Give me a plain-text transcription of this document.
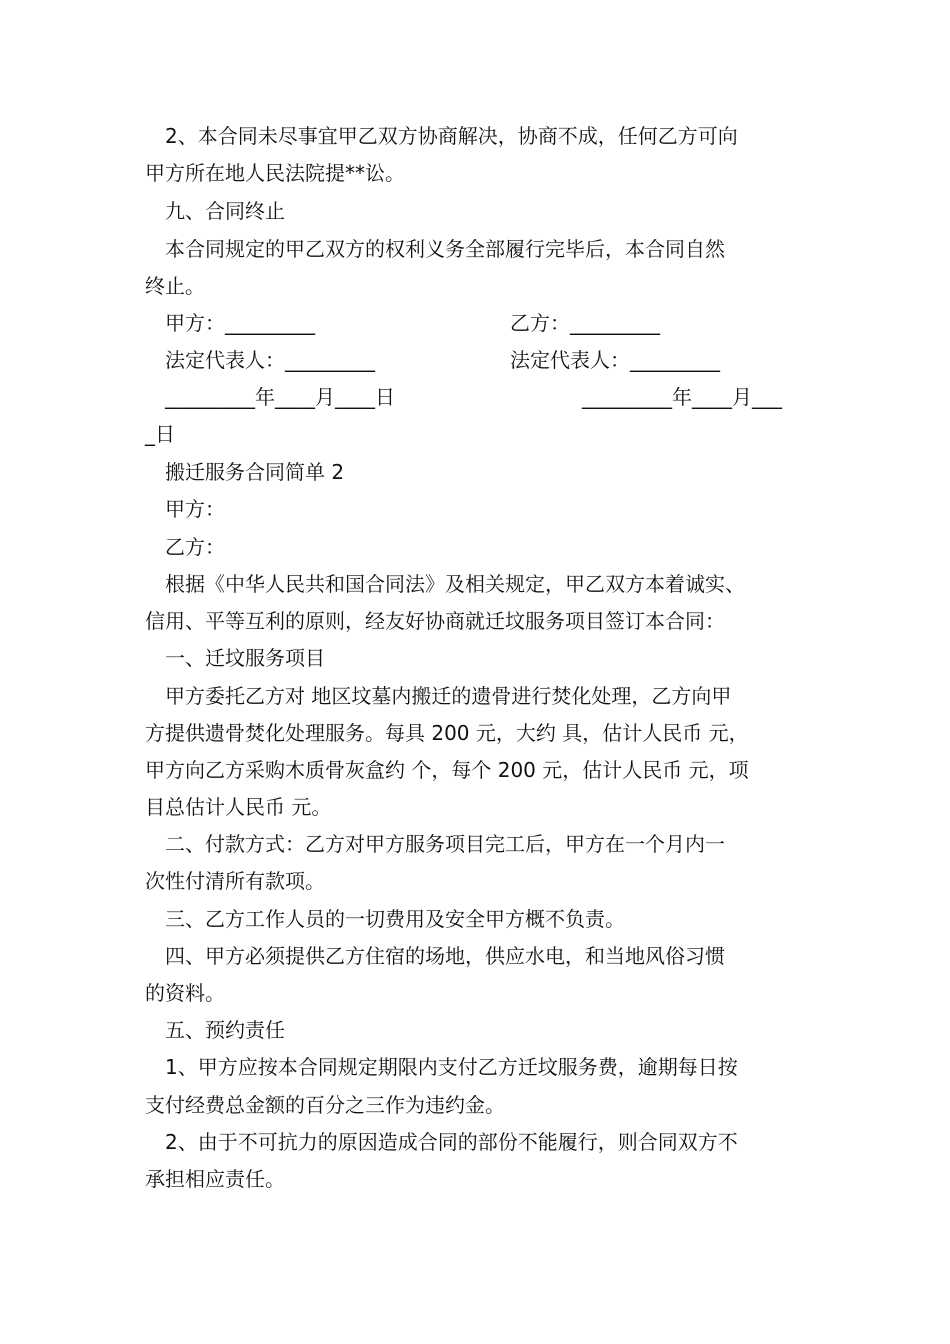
2、本合同未尽事宜甲乙双方协商解决，协商不成，任何乙方可向
甲方所在地人民法院提**讼。
九、合同终止
本合同规定的甲乙双方的权利义务全部履行完毕后，本合同自然
终止。
甲方：_________	乙方：_________
法定代表人：_________	法定代表人：_________
_________年____月____日	_________年____月___
_日
搬迁服务合同简单 2
甲方：
乙方：
根据《中华人民共和国合同法》及相关规定，甲乙双方本着诚实、
信用、平等互利的原则，经友好协商就迁坟服务项目签订本合同：
一、迁坟服务项目
甲方委托乙方对 地区坟墓内搬迁的遗骨进行焚化处理，乙方向甲
方提供遗骨焚化处理服务。每具 200 元，大约 具，估计人民币 元，
甲方向乙方采购木质骨灰盒约 个，每个 200 元，估计人民币 元，项
目总估计人民币 元。
二、付款方式：乙方对甲方服务项目完工后，甲方在一个月内一
次性付清所有款项。
三、乙方工作人员的一切费用及安全甲方概不负责。
四、甲方必须提供乙方住宿的场地，供应水电，和当地风俗习惯
的资料。
五、预约责任
1、甲方应按本合同规定期限内支付乙方迁坟服务费，逾期每日按
支付经费总金额的百分之三作为违约金。
2、由于不可抗力的原因造成合同的部份不能履行，则合同双方不
承担相应责任。
